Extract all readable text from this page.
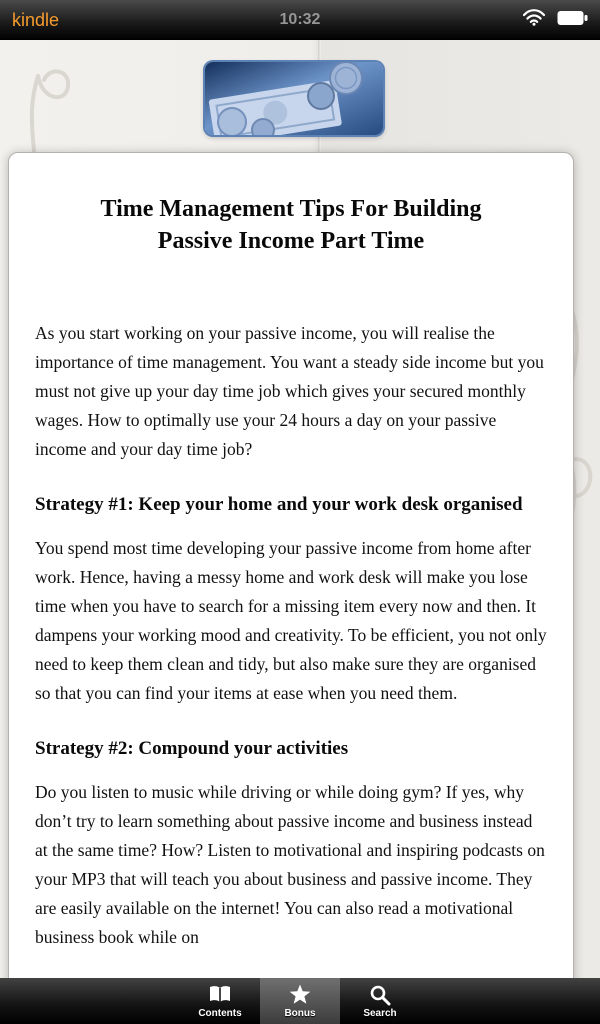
kindle	10:32
Time Management Tips For Building Passive Income Part Time

As you start working on your passive income, you will realise the importance of time management. You want a steady side income but you must not give up your day time job which gives your secured monthly wages. How to optimally use your 24 hours a day on your passive income and your day time job?

Strategy #1: Keep your home and your work desk organised

You spend most time developing your passive income from home after work. Hence, having a messy home and work desk will make you lose time when you have to search for a missing item every now and then. It dampens your working mood and creativity. To be efficient, you not only need to keep them clean and tidy, but also make sure they are organised so that you can find your items at ease when you need them.

Strategy #2: Compound your activities

Do you listen to music while driving or while doing gym? If yes, why don’t try to learn something about passive income and business instead at the same time? How? Listen to motivational and inspiring podcasts on your MP3 that will teach you about business and passive income. They are easily available on the internet! You can also read a motivational business book while on

Contents	Bonus	Search
